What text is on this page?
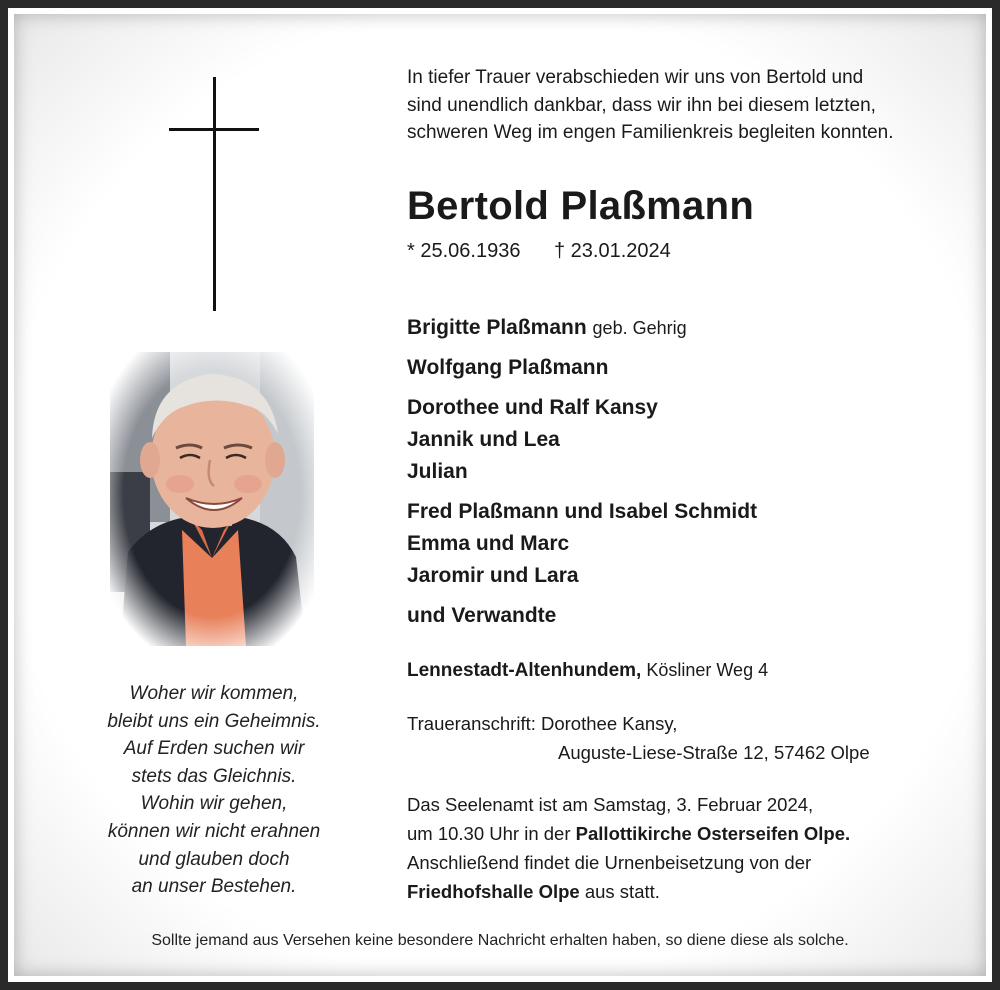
Woher wir kommen,
bleibt uns ein Geheimnis.
Auf Erden suchen wir
stets das Gleichnis.
Wohin wir gehen,
können wir nicht erahnen
und glauben doch
an unser Bestehen.
In tiefer Trauer verabschieden wir uns von Bertold und
sind unendlich dankbar, dass wir ihn bei diesem letzten,
schweren Weg im engen Familienkreis begleiten konnten.
Bertold Plaßmann
* 25.06.1936 † 23.01.2024
Brigitte Plaßmann geb. Gehrig
Wolfgang Plaßmann
Dorothee und Ralf Kansy
Jannik und Lea
Julian
Fred Plaßmann und Isabel Schmidt
Emma und Marc
Jaromir und Lara
und Verwandte
Lennestadt-Altenhundem, Kösliner Weg 4
Traueranschrift: Dorothee Kansy,
Auguste-Liese-Straße 12, 57462 Olpe
Das Seelenamt ist am Samstag, 3. Februar 2024,
um 10.30 Uhr in der Pallottikirche Osterseifen Olpe.
Anschließend findet die Urnenbeisetzung von der
Friedhofshalle Olpe aus statt.
Sollte jemand aus Versehen keine besondere Nachricht erhalten haben, so diene diese als solche.
